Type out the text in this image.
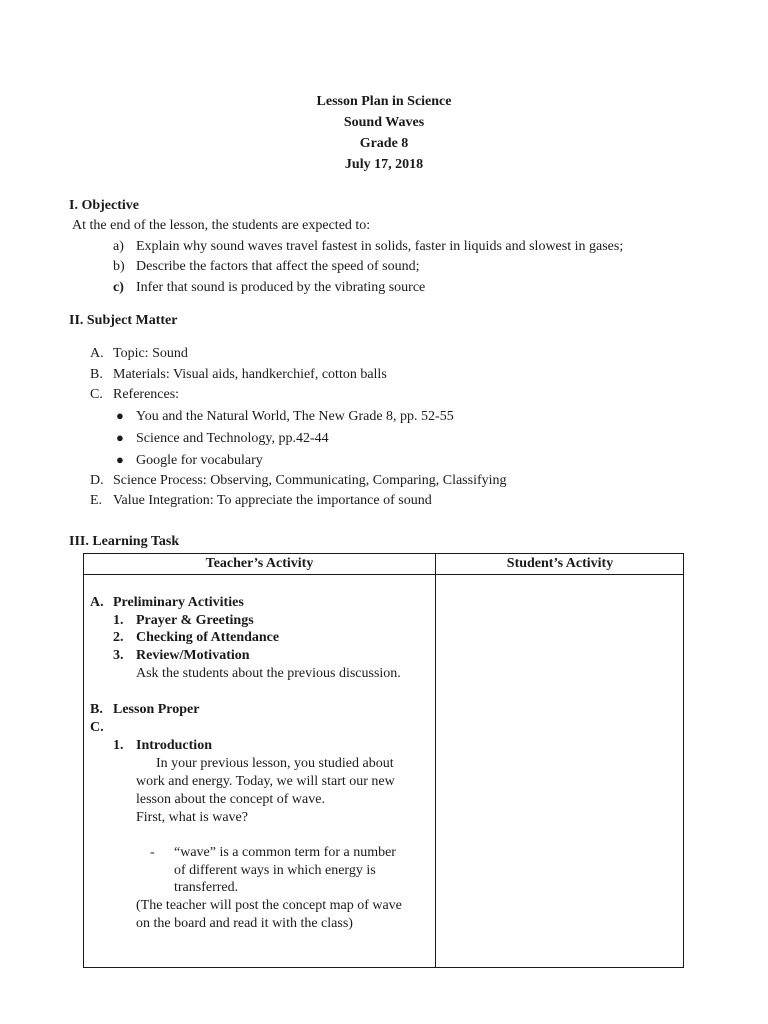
Lesson Plan in Science
Sound Waves
Grade 8
July 17, 2018
I. Objective
At the end of the lesson, the students are expected to:
a) Explain why sound waves travel fastest in solids, faster in liquids and slowest in gases;
b) Describe the factors that affect the speed of sound;
c) Infer that sound is produced by the vibrating source
II. Subject Matter
A. Topic: Sound
B. Materials: Visual aids, handkerchief, cotton balls
C. References:
● You and the Natural World, The New Grade 8, pp. 52-55
● Science and Technology, pp.42-44
● Google for vocabulary
D. Science Process: Observing, Communicating, Comparing, Classifying
E. Value Integration: To appreciate the importance of sound
III. Learning Task
Teacher’s Activity	Student’s Activity
A. Preliminary Activities
1. Prayer & Greetings
2. Checking of Attendance
3. Review/Motivation
Ask the students about the previous discussion.
B. Lesson Proper
C.
1. Introduction
In your previous lesson, you studied about
work and energy. Today, we will start our new
lesson about the concept of wave.
First, what is wave?
- “wave” is a common term for a number
of different ways in which energy is
transferred.
(The teacher will post the concept map of wave
on the board and read it with the class)
